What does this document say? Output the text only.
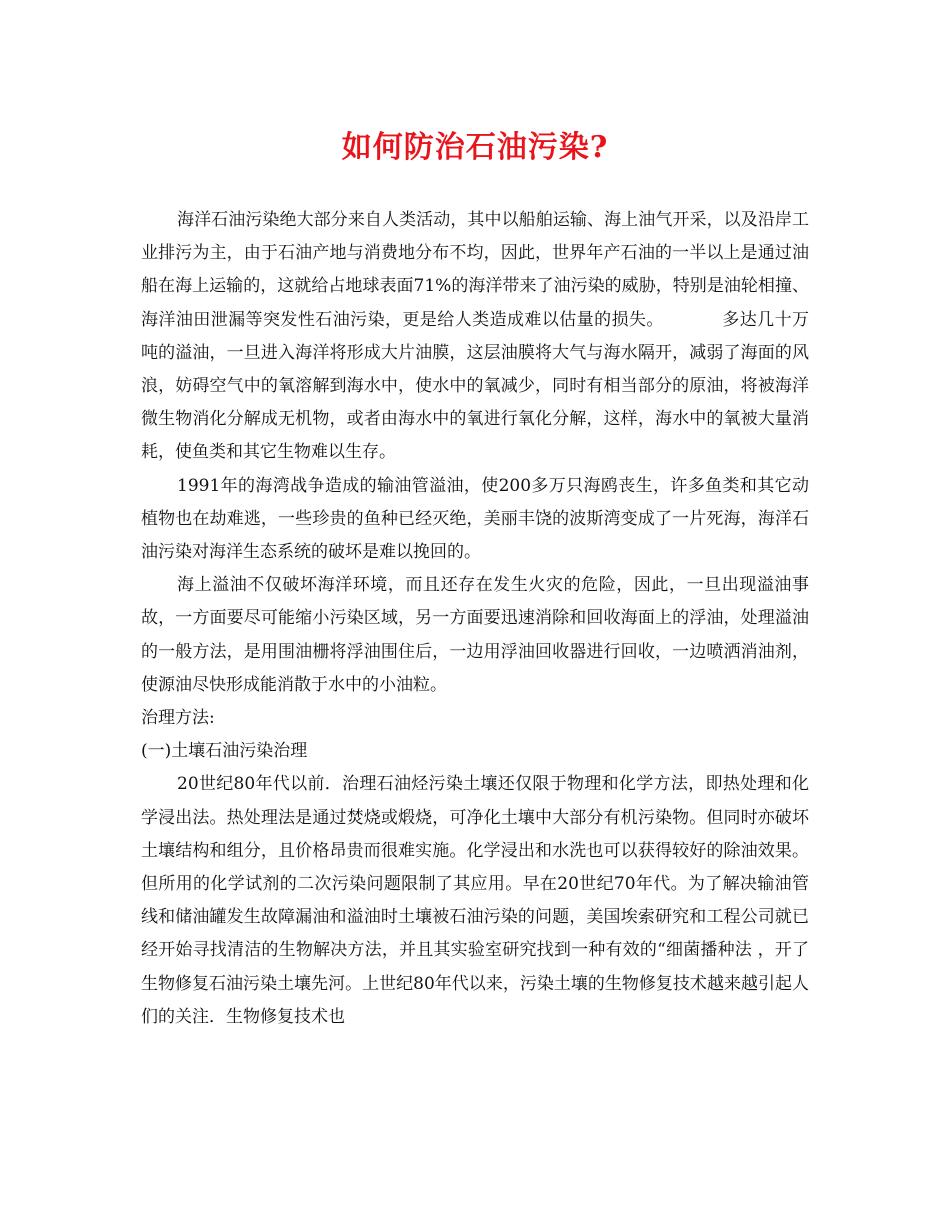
如何防治石油污染?

海洋石油污染绝大部分来自人类活动，其中以船舶运输、海上油气开采，以及沿岸工业排污为主，由于石油产地与消费地分布不均，因此，世界年产石油的一半以上是通过油船在海上运输的，这就给占地球表面71%的海洋带来了油污染的威胁，特别是油轮相撞、海洋油田泄漏等突发性石油污染，更是给人类造成难以估量的损失。	多达几十万吨的溢油，一旦进入海洋将形成大片油膜，这层油膜将大气与海水隔开，减弱了海面的风浪，妨碍空气中的氧溶解到海水中，使水中的氧减少，同时有相当部分的原油，将被海洋微生物消化分解成无机物，或者由海水中的氧进行氧化分解，这样，海水中的氧被大量消耗，使鱼类和其它生物难以生存。

1991年的海湾战争造成的输油管溢油，使200多万只海鸥丧生，许多鱼类和其它动植物也在劫难逃，一些珍贵的鱼种已经灭绝，美丽丰饶的波斯湾变成了一片死海，海洋石油污染对海洋生态系统的破坏是难以挽回的。

海上溢油不仅破坏海洋环境，而且还存在发生火灾的危险，因此，一旦出现溢油事故，一方面要尽可能缩小污染区域，另一方面要迅速消除和回收海面上的浮油，处理溢油的一般方法，是用围油栅将浮油围住后，一边用浮油回收器进行回收，一边喷洒消油剂，使源油尽快形成能消散于水中的小油粒。

治理方法:

(一)土壤石油污染治理

20世纪80年代以前．治理石油烃污染土壤还仅限于物理和化学方法，即热处理和化学浸出法。热处理法是通过焚烧或煅烧，可净化土壤中大部分有机污染物。但同时亦破坏土壤结构和组分，且价格昂贵而很难实施。化学浸出和水洗也可以获得较好的除油效果。但所用的化学试剂的二次污染问题限制了其应用。早在20世纪70年代。为了解决输油管线和储油罐发生故障漏油和溢油时土壤被石油污染的问题，美国埃索研究和工程公司就已经开始寻找清洁的生物解决方法，并且其实验室研究找到一种有效的“细菌播种法 ，开了生物修复石油污染土壤先河。上世纪80年代以来，污染土壤的生物修复技术越来越引起人们的关注．生物修复技术也
